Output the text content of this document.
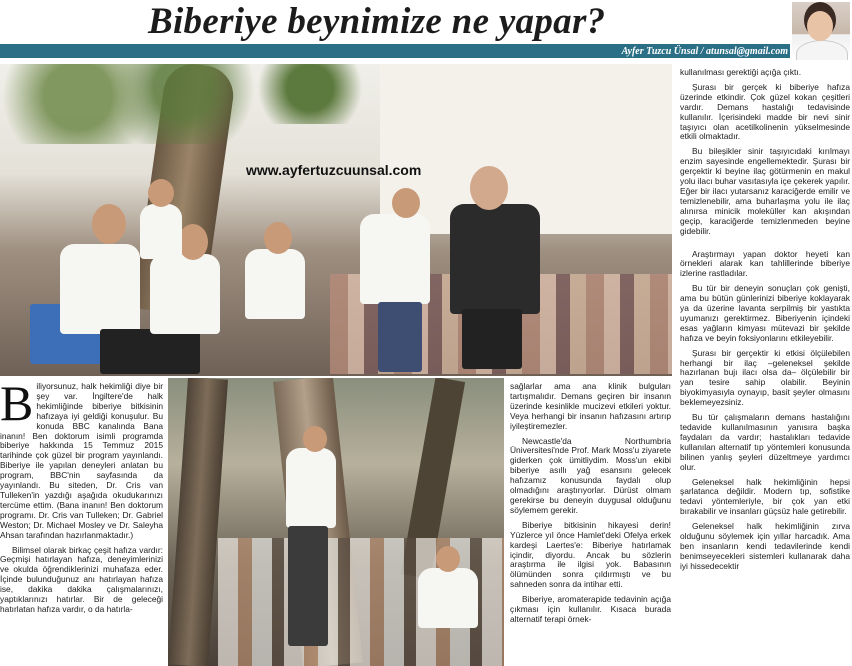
Biberiye beynimize ne yapar?
Ayfer Tuzcu Ünsal / atunsal@gmail.com
www.ayfertuzcuunsal.com

Biliyorsunuz, halk hekimliği diye bir şey var. İngiltere'de halk hekimliğinde biberiye bitkisinin hafızaya iyi geldiği konuşulur. Bu konuda BBC kanalında Bana inanın! Ben doktorum isimli programda biberiye hakkında 15 Temmuz 2015 tarihinde çok güzel bir program yayınlandı. Biberiye ile yapılan deneyleri anlatan bu program, BBC'nin sayfasında da yayınlandı. Bu siteden, Dr. Cris van Tulleken'in yazdığı aşağıda okudukarınızı tercüme ettim. (Bana inanın! Ben doktorum programı. Dr. Cris van Tulleken; Dr. Gabriel Weston; Dr. Michael Mosley ve Dr. Saleyha Ahsan tarafından hazırlanmaktadır.)

Bilimsel olarak birkaç çeşit hafıza vardır: Geçmişi hatırlayan hafıza, deneyimlerinizi ve okulda öğrendiklerinizi muhafaza eder. İçinde bulunduğunuz anı hatırlayan hafıza ise, dakika dakika çalışmalarınızı, yaptıklarınızı hatırlar. Bir de geleceği hatırlatan hafıza vardır, o da hatırla-

sağlarlar ama ana klinik bulguları tartışmalıdır. Demans geçiren bir insanın üzerinde kesinlikle mucizevi etkileri yoktur. Veya herhangi bir insanın hafızasını artırıp iyileştiremezler.

Newcastle'da Northumbria Üniversitesi'nde Prof. Mark Moss'u ziyarete giderken çok ümitliydim. Moss'un ekibi biberiye asıllı yağ esansını gelecek hafızamız konusunda faydalı olup olmadığını araştırıyorlar. Dürüst olmam gerekirse bu deneyin duygusal olduğunu söylemem gerekir.

Biberiye bitkisinin hikayesi derin! Yüzlerce yıl önce Hamlet'deki Ofelya erkek kardeşi Laertes'e: Biberiye hatırlamak içindir, diyordu. Ancak bu sözlerin araştırma ile ilgisi yok. Babasının ölümünden sonra çıldırmıştı ve bu sahneden sonra da intihar etti.

Biberiye, aromaterapide tedavinin açığa çıkması için kullanılır. Kısaca burada alternatif terapi örnek-

kullanılması gerektiği açığa çıktı.

Şurası bir gerçek ki biberiye hafıza üzerinde etkindir. Çok güzel kokan çeşitleri vardır. Demans hastalığı tedavisinde kullanılır. İçerisindeki madde bir nevi sinir taşıyıcı olan acetilkolinenin yükselmesinde etkili olmaktadır.

Bu bileşikler sinir taşıyıcıdaki kırılmayı enzim sayesinde engellemektedir. Şurası bir gerçektir ki beyine ilaç götürmenin en makul yolu ilacı buhar vasıtasıyla içe çekerek yapılır. Eğer bir ilacı yutarsanız karaciğerde emilir ve temizlenebilir, ama buharlaşma yolu ile ilaç alınırsa minicik moleküller kan akışından geçip, karaciğerde temizlenmeden beyine gidebilir.

Araştırmayı yapan doktor heyeti kan örnekleri alarak kan tahlillerinde biberiye izlerine rastladılar.

Bu tür bir deneyin sonuçları çok genişti, ama bu bütün günlerinizi biberiye koklayarak ya da üzerine lavanta serpilmiş bir yastıkta uyumanızı gerektirmez. Biberiyenin içindeki esas yağların kimyası mütevazi bir şekilde hafıza ve beyin foksiyonlarını etkileyebilir.

Şurası bir gerçektir ki etkisi ölçülebilen herhangi bir ilaç –geleneksel şekilde hazırlanan bujı ilacı olsa da– ölçülebilir bir yan tesire sahip olabilir. Beyinin biyokimyasıyla oynayıp, basit şeyler olmasını beklemeyezsiniz.

Bu tür çalışmaların demans hastalığını tedavide kullanılmasının yanısıra başka faydaları da vardır; hastalıkları tedavide kullanılan alternatif tıp yöntemleri konusunda bilinen yanlış şeyleri düzeltmeye yardımcı olur.

Geleneksel halk hekimliğinin hepsi şarlatanca değildir. Modern tıp, sofistike tedavi yöntemleriyle, bir çok yan etki bırakabilir ve insanları güçsüz hale getirebilir.

Geleneksel halk hekimliğinin zırva olduğunu söylemek için yıllar harcadık. Ama ben insanların kendi tedavilerinde kendi benimseyecekleri sistemleri kullanarak daha iyi hissedecektir
